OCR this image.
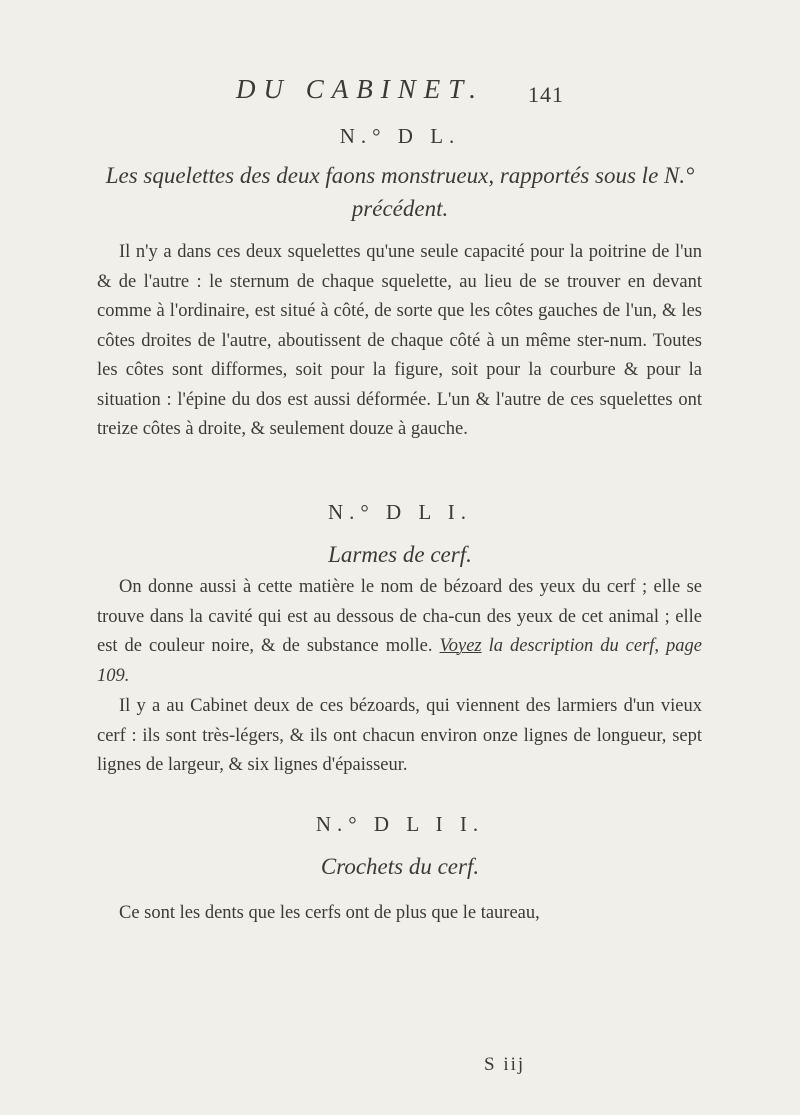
DU CABINET.	141
N.° D L.
Les squelettes des deux faons monstrueux, rapportés sous le N.° précédent.
Il n'y a dans ces deux squelettes qu'une seule capacité pour la poitrine de l'un & de l'autre : le sternum de chaque squelette, au lieu de se trouver en devant comme à l'ordinaire, est situé à côté, de sorte que les côtes gauches de l'un, & les côtes droites de l'autre, aboutissent de chaque côté à un même ster-num. Toutes les côtes sont difformes, soit pour la figure, soit pour la courbure & pour la situation : l'épine du dos est aussi déformée. L'un & l'autre de ces squelettes ont treize côtes à droite, & seulement douze à gauche.
N.° D L I.
Larmes de cerf.
On donne aussi à cette matière le nom de bézoard des yeux du cerf ; elle se trouve dans la cavité qui est au dessous de cha-cun des yeux de cet animal ; elle est de couleur noire, & de substance molle. Voyez la description du cerf, page 109.
Il y a au Cabinet deux de ces bézoards, qui viennent des larmiers d'un vieux cerf : ils sont très-légers, & ils ont chacun environ onze lignes de longueur, sept lignes de largeur, & six lignes d'épaisseur.
N.° D L I I.
Crochets du cerf.
Ce sont les dents que les cerfs ont de plus que le taureau,
S iij
